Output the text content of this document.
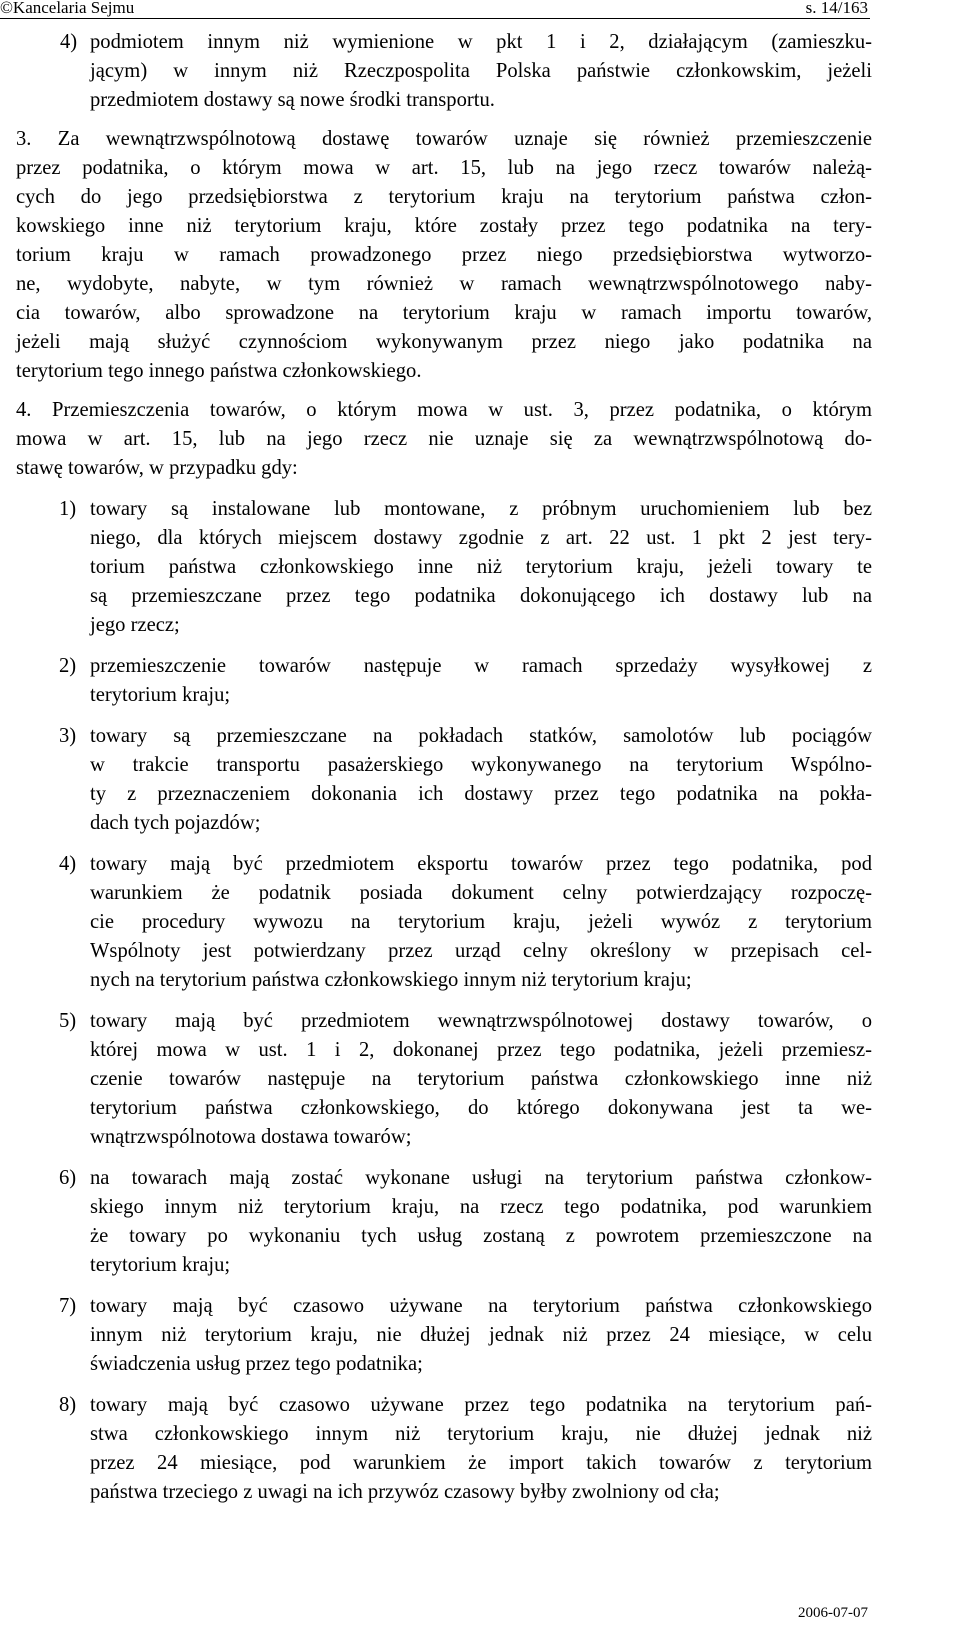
©Kancelaria Sejmu	s. 14/163
4) podmiotem innym niż wymienione w pkt 1 i 2, działającym (zamieszku-
jącym) w innym niż Rzeczpospolita Polska państwie członkowskim, jeżeli
przedmiotem dostawy są nowe środki transportu.
3. Za wewnątrzwspólnotową dostawę towarów uznaje się również przemieszczenie
przez podatnika, o którym mowa w art. 15, lub na jego rzecz towarów należą-
cych do jego przedsiębiorstwa z terytorium kraju na terytorium państwa człon-
kowskiego inne niż terytorium kraju, które zostały przez tego podatnika na tery-
torium kraju w ramach prowadzonego przez niego przedsiębiorstwa wytworzo-
ne, wydobyte, nabyte, w tym również w ramach wewnątrzwspólnotowego naby-
cia towarów, albo sprowadzone na terytorium kraju w ramach importu towarów,
jeżeli mają służyć czynnościom wykonywanym przez niego jako podatnika na
terytorium tego innego państwa członkowskiego.
4. Przemieszczenia towarów, o którym mowa w ust. 3, przez podatnika, o którym
mowa w art. 15, lub na jego rzecz nie uznaje się za wewnątrzwspólnotową do-
stawę towarów, w przypadku gdy:
1) towary są instalowane lub montowane, z próbnym uruchomieniem lub bez
niego, dla których miejscem dostawy zgodnie z art. 22 ust. 1 pkt 2 jest tery-
torium państwa członkowskiego inne niż terytorium kraju, jeżeli towary te
są przemieszczane przez tego podatnika dokonującego ich dostawy lub na
jego rzecz;
2) przemieszczenie towarów następuje w ramach sprzedaży wysyłkowej z
terytorium kraju;
3) towary są przemieszczane na pokładach statków, samolotów lub pociągów
w trakcie transportu pasażerskiego wykonywanego na terytorium Wspólno-
ty z przeznaczeniem dokonania ich dostawy przez tego podatnika na pokła-
dach tych pojazdów;
4) towary mają być przedmiotem eksportu towarów przez tego podatnika, pod
warunkiem że podatnik posiada dokument celny potwierdzający rozpoczę-
cie procedury wywozu na terytorium kraju, jeżeli wywóz z terytorium
Wspólnoty jest potwierdzany przez urząd celny określony w przepisach cel-
nych na terytorium państwa członkowskiego innym niż terytorium kraju;
5) towary mają być przedmiotem wewnątrzwspólnotowej dostawy towarów, o
której mowa w ust. 1 i 2, dokonanej przez tego podatnika, jeżeli przemiesz-
czenie towarów następuje na terytorium państwa członkowskiego inne niż
terytorium państwa członkowskiego, do którego dokonywana jest ta we-
wnątrzwspólnotowa dostawa towarów;
6) na towarach mają zostać wykonane usługi na terytorium państwa członkow-
skiego innym niż terytorium kraju, na rzecz tego podatnika, pod warunkiem
że towary po wykonaniu tych usług zostaną z powrotem przemieszczone na
terytorium kraju;
7) towary mają być czasowo używane na terytorium państwa członkowskiego
innym niż terytorium kraju, nie dłużej jednak niż przez 24 miesiące, w celu
świadczenia usług przez tego podatnika;
8) towary mają być czasowo używane przez tego podatnika na terytorium pań-
stwa członkowskiego innym niż terytorium kraju, nie dłużej jednak niż
przez 24 miesiące, pod warunkiem że import takich towarów z terytorium
państwa trzeciego z uwagi na ich przywóz czasowy byłby zwolniony od cła;
2006-07-07
